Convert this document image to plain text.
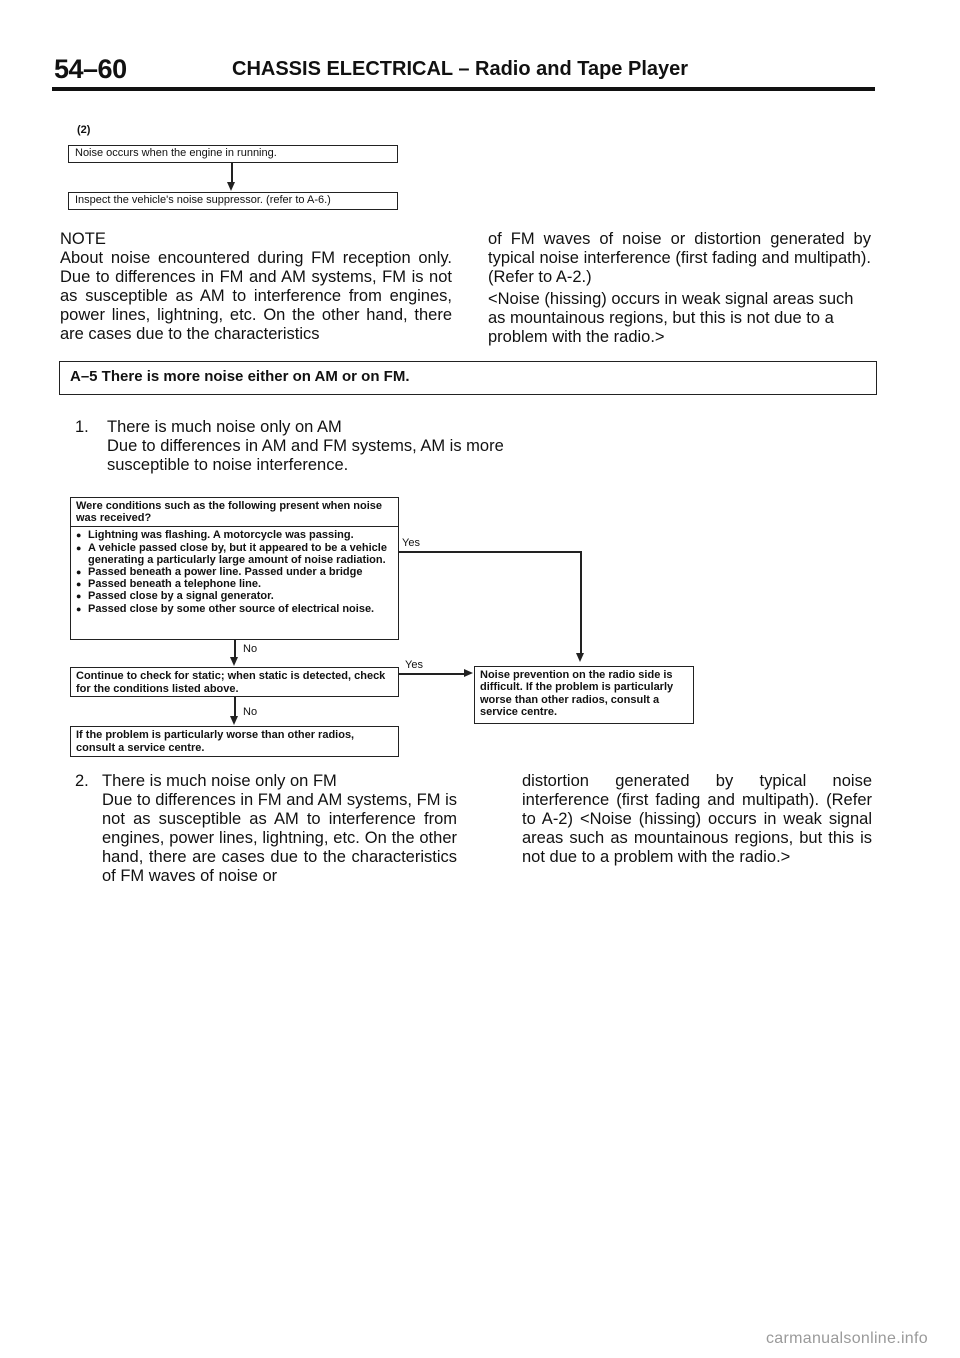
54–60	CHASSIS ELECTRICAL – Radio and Tape Player
(2)
Noise occurs when the engine in running.
Inspect the vehicle's noise suppressor. (refer to A-6.)
NOTE
About noise encountered during FM reception only. Due to differences in FM and AM systems, FM is not as susceptible as AM to interference from engines, power lines, lightning, etc. On the other hand, there are cases due to the characteristics
of FM waves of noise or distortion generated by typical noise interference (first fading and multipath). (Refer to A-2.)
<Noise (hissing) occurs in weak signal areas such as mountainous regions, but this is not due to a problem with the radio.>
A–5 There is more noise either on AM or on FM.
1. There is much noise only on AM
Due to differences in AM and FM systems, AM is more susceptible to noise interference.
Were conditions such as the following present when noise was received?
● Lightning was flashing. A motorcycle was passing.
● A vehicle passed close by, but it appeared to be a vehicle generating a particularly large amount of noise radiation.
● Passed beneath a power line. Passed under a bridge
● Passed beneath a telephone line.
● Passed close by a signal generator.
● Passed close by some other source of electrical noise.
Yes
No
Continue to check for static; when static is detected, check for the conditions listed above.
Yes
Noise prevention on the radio side is difficult. If the problem is particularly worse than other radios, consult a service centre.
No
If the problem is particularly worse than other radios, consult a service centre.
2. There is much noise only on FM
Due to differences in FM and AM systems, FM is not as susceptible as AM to interference from engines, power lines, lightning, etc. On the other hand, there are cases due to the characteristics of FM waves of noise or
distortion generated by typical noise interference (first fading and multipath). (Refer to A-2) <Noise (hissing) occurs in weak signal areas such as mountainous regions, but this is not due to a problem with the radio.>
carmanualsonline.info
